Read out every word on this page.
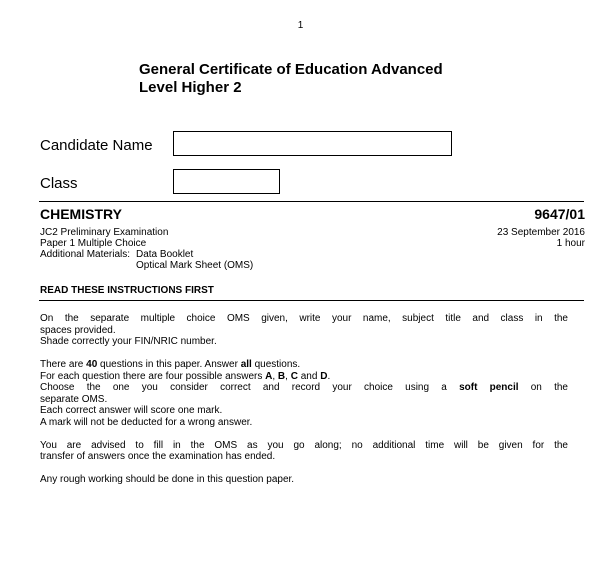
1
General Certificate of Education Advanced
Level Higher 2
Candidate Name
Class
CHEMISTRY	9647/01
JC2 Preliminary Examination
Paper 1 Multiple Choice
Additional Materials: Data Booklet
Optical Mark Sheet (OMS)
23 September 2016
1 hour
READ THESE INSTRUCTIONS FIRST
On the separate multiple choice OMS given, write your name, subject title and class in the
spaces provided.
Shade correctly your FIN/NRIC number.
There are 40 questions in this paper. Answer all questions.
For each question there are four possible answers A, B, C and D.
Choose the one you consider correct and record your choice using a soft pencil on the
separate OMS.
Each correct answer will score one mark.
A mark will not be deducted for a wrong answer.
You are advised to fill in the OMS as you go along; no additional time will be given for the
transfer of answers once the examination has ended.
Any rough working should be done in this question paper.
